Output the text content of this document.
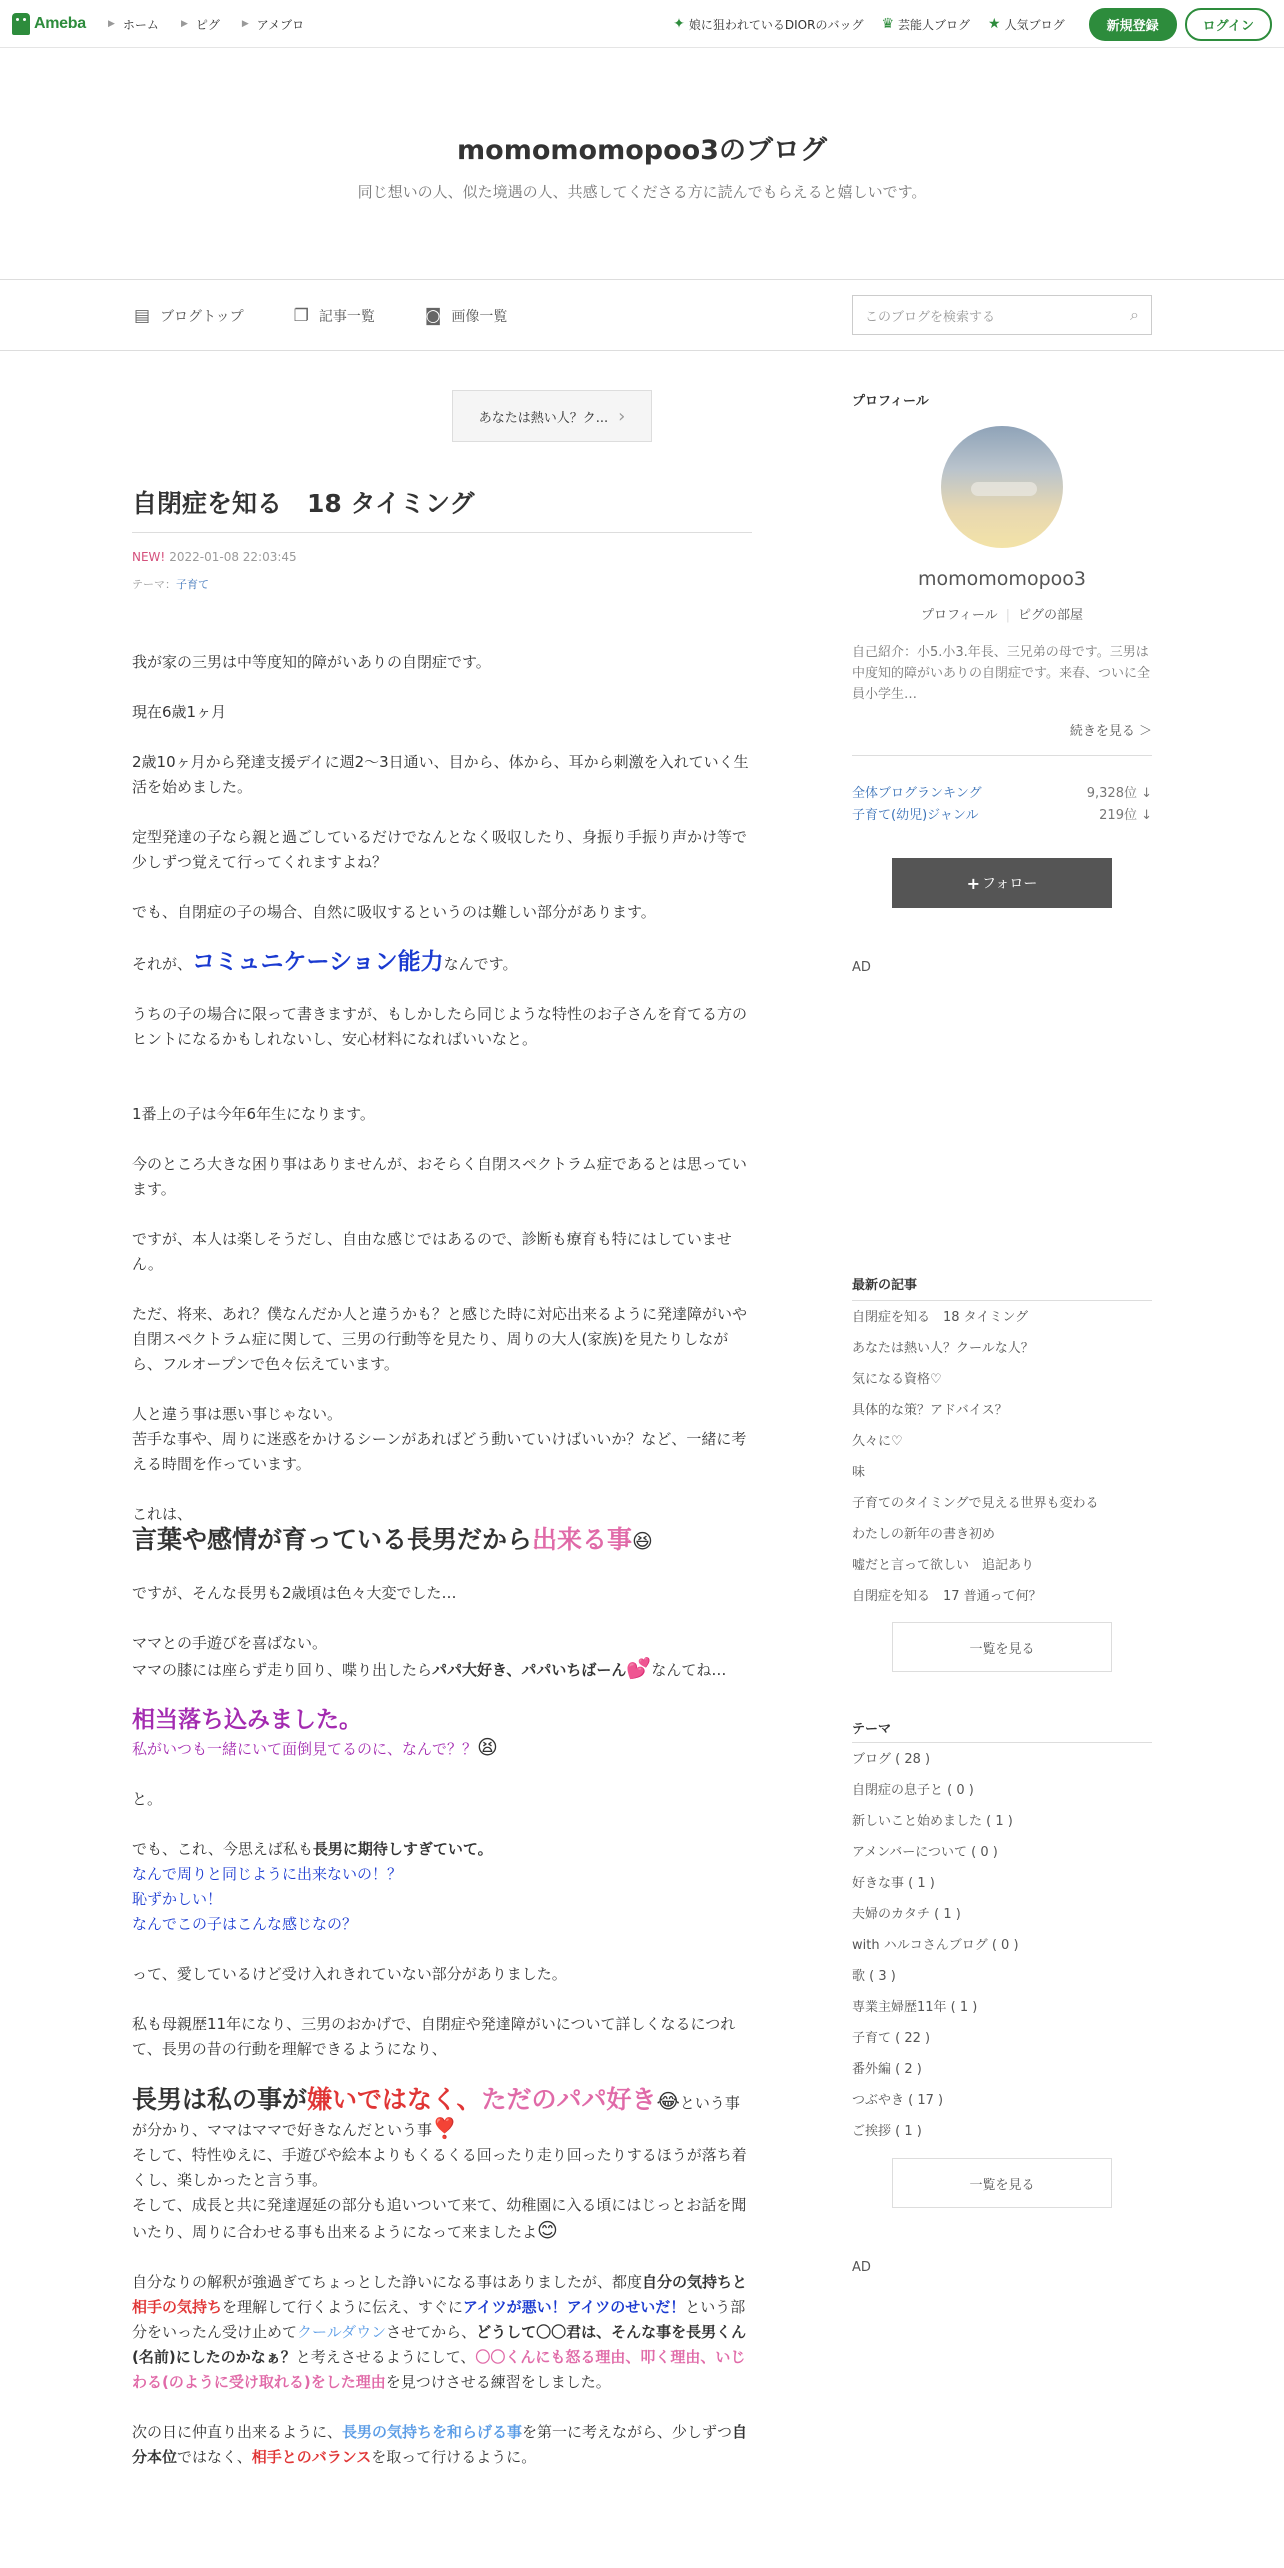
Ameba ▶ ホーム ▶ ピグ ▶ アメブロ	✦ 娘に狙われているDIORのバッグ ♛ 芸能人ブログ ★ 人気ブログ	新規登録	ログイン
momomomopoo3のブログ
同じ想いの人、似た境遇の人、共感してくださる方に読んでもらえると嬉しいです。
▤ ブログトップ	❐ 記事一覧	◙ 画像一覧	このブログを検索する	⌕
あなたは熱い人？ク... ›
自閉症を知る　18 タイミング
NEW! 2022-01-08 22:03:45
テーマ：子育て

我が家の三男は中等度知的障がいありの自閉症です。

現在6歳1ヶ月

2歳10ヶ月から発達支援デイに週2〜3日通い、目から、体から、耳から刺激を入れていく生活を始めました。

定型発達の子なら親と過ごしているだけでなんとなく吸収したり、身振り手振り声かけ等で少しずつ覚えて行ってくれますよね？

でも、自閉症の子の場合、自然に吸収するというのは難しい部分があります。

それが、コミュニケーション能力なんです。

うちの子の場合に限って書きますが、もしかしたら同じような特性のお子さんを育てる方のヒントになるかもしれないし、安心材料になればいいなと。

1番上の子は今年6年生になります。

今のところ大きな困り事はありませんが、おそらく自閉スペクトラム症であるとは思っています。

ですが、本人は楽しそうだし、自由な感じではあるので、診断も療育も特にはしていません。

ただ、将来、あれ？僕なんだか人と違うかも？と感じた時に対応出来るように発達障がいや自閉スペクトラム症に関して、三男の行動等を見たり、周りの大人(家族)を見たりしながら、フルオープンで色々伝えています。

人と違う事は悪い事じゃない。
苦手な事や、周りに迷惑をかけるシーンがあればどう動いていけばいいか？など、一緒に考える時間を作っています。

これは、
言葉や感情が育っている長男だから出来る事😆

ですが、そんな長男も2歳頃は色々大変でした…

ママとの手遊びを喜ばない。
ママの膝には座らず走り回り、喋り出したらパパ大好き、パパいちばーん💕なんてね…

相当落ち込みました。
私がいつも一緒にいて面倒見てるのに、なんで？？😫

と。

でも、これ、今思えば私も長男に期待しすぎていて。
なんで周りと同じように出来ないの！？
恥ずかしい！
なんでこの子はこんな感じなの？

って、愛しているけど受け入れきれていない部分がありました。

私も母親歴11年になり、三男のおかげで、自閉症や発達障がいについて詳しくなるにつれて、長男の昔の行動を理解できるようになり、

長男は私の事が嫌いではなく、ただのパパ好き😂という事が分かり、ママはママで好きなんだという事❣️
そして、特性ゆえに、手遊びや絵本よりもくるくる回ったり走り回ったりするほうが落ち着くし、楽しかったと言う事。
そして、成長と共に発達遅延の部分も追いついて来て、幼稚園に入る頃にはじっとお話を聞いたり、周りに合わせる事も出来るようになって来ましたよ😊

自分なりの解釈が強過ぎてちょっとした諍いになる事はありましたが、都度自分の気持ちと相手の気持ちを理解して行くように伝え、すぐにアイツが悪い！アイツのせいだ！という部分をいったん受け止めてクールダウンさせてから、どうして〇〇君は、そんな事を長男くん(名前)にしたのかなぁ？と考えさせるようにして、〇〇くんにも怒る理由、叩く理由、いじわる(のように受け取れる)をした理由を見つけさせる練習をしました。

次の日に仲直り出来るように、長男の気持ちを和らげる事を第一に考えながら、少しずつ自分本位ではなく、相手とのバランスを取って行けるように。

プロフィール
momomomopoo3
プロフィール | ピグの部屋
自己紹介：小5.小3.年長、三兄弟の母です。三男は中度知的障がいありの自閉症です。来春、ついに全員小学生…
続きを見る ＞
全体ブログランキング	9,328位 ↓
子育て(幼児)ジャンル	219位 ↓
+ フォロー
AD
最新の記事
自閉症を知る　18 タイミング
あなたは熱い人？クールな人？
気になる資格♡
具体的な策？アドバイス？
久々に♡
味
子育てのタイミングで見える世界も変わる
わたしの新年の書き初め
嘘だと言って欲しい　追記あり
自閉症を知る　17 普通って何？
一覧を見る
テーマ
ブログ ( 28 )
自閉症の息子と ( 0 )
新しいこと始めました ( 1 )
アメンバーについて ( 0 )
好きな事 ( 1 )
夫婦のカタチ ( 1 )
with ハルコさんブログ ( 0 )
歌 ( 3 )
専業主婦歴11年 ( 1 )
子育て ( 22 )
番外編 ( 2 )
つぶやき ( 17 )
ご挨拶 ( 1 )
一覧を見る
AD
